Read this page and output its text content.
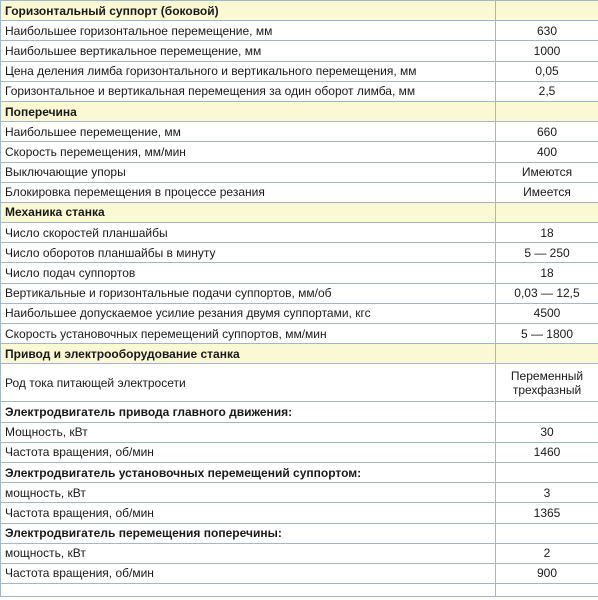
Горизонтальный суппорт (боковой)	
Наибольшее горизонтальное перемещение, мм	630
Наибольшее вертикальное перемещение, мм	1000
Цена деления лимба горизонтального и вертикального перемещения, мм	0,05
Горизонтальное и вертикальная перемещения за один оборот лимба, мм	2,5
Поперечина	
Наибольшее перемещение, мм	660
Скорость перемещения, мм/мин	400
Выключающие упоры	Имеются
Блокировка перемещения в процессе резания	Имеется
Механика станка	
Число скоростей планшайбы	18
Число оборотов планшайбы в минуту	5 — 250
Число подач суппортов	18
Вертикальные и горизонтальные подачи суппортов, мм/об	0,03 — 12,5
Наибольшее допускаемое усилие резания двумя суппортами, кгс	4500
Скорость установочных перемещений суппортов, мм/мин	5 — 1800
Привод и электрооборудование станка	
Род тока питающей электросети	Переменный трехфазный
Электродвигатель привода главного движения:	
Мощность, кВт	30
Частота вращения, об/мин	1460
Электродвигатель установочных перемещений суппортом:	
мощность, кВт	3
Частота вращения, об/мин	1365
Электродвигатель перемещения поперечины:	
мощность, кВт	2
Частота вращения, об/мин	900
